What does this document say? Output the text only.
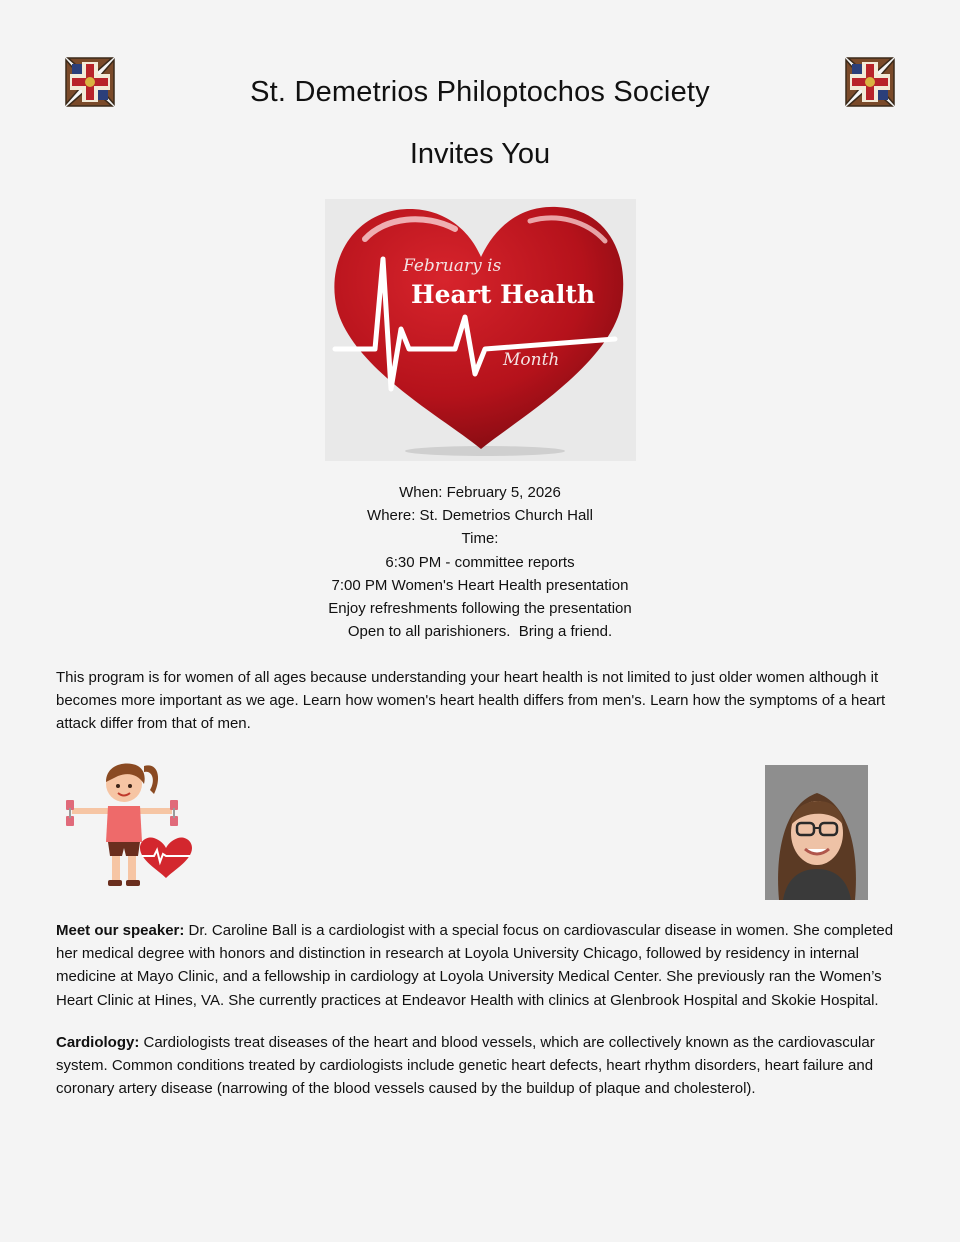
St. Demetrios Philoptochos Society
Invites You
February is
Heart Health
Month
When: February 5, 2026
Where: St. Demetrios Church Hall
Time:
6:30 PM - committee reports
7:00 PM Women's Heart Health presentation
Enjoy refreshments following the presentation
Open to all parishioners.  Bring a friend.
This program is for women of all ages because understanding your heart health is not limited to just older women although it becomes more important as we age. Learn how women's heart health differs from men's. Learn how the symptoms of a heart attack differ from that of men.
Meet our speaker: Dr. Caroline Ball is a cardiologist with a special focus on cardiovascular disease in women. She completed her medical degree with honors and distinction in research at Loyola University Chicago, followed by residency in internal medicine at Mayo Clinic, and a fellowship in cardiology at Loyola University Medical Center. She previously ran the Women’s Heart Clinic at Hines, VA. She currently practices at Endeavor Health with clinics at Glenbrook Hospital and Skokie Hospital.
Cardiology: Cardiologists treat diseases of the heart and blood vessels, which are collectively known as the cardiovascular system. Common conditions treated by cardiologists include genetic heart defects, heart rhythm disorders, heart failure and coronary artery disease (narrowing of the blood vessels caused by the buildup of plaque and cholesterol).
